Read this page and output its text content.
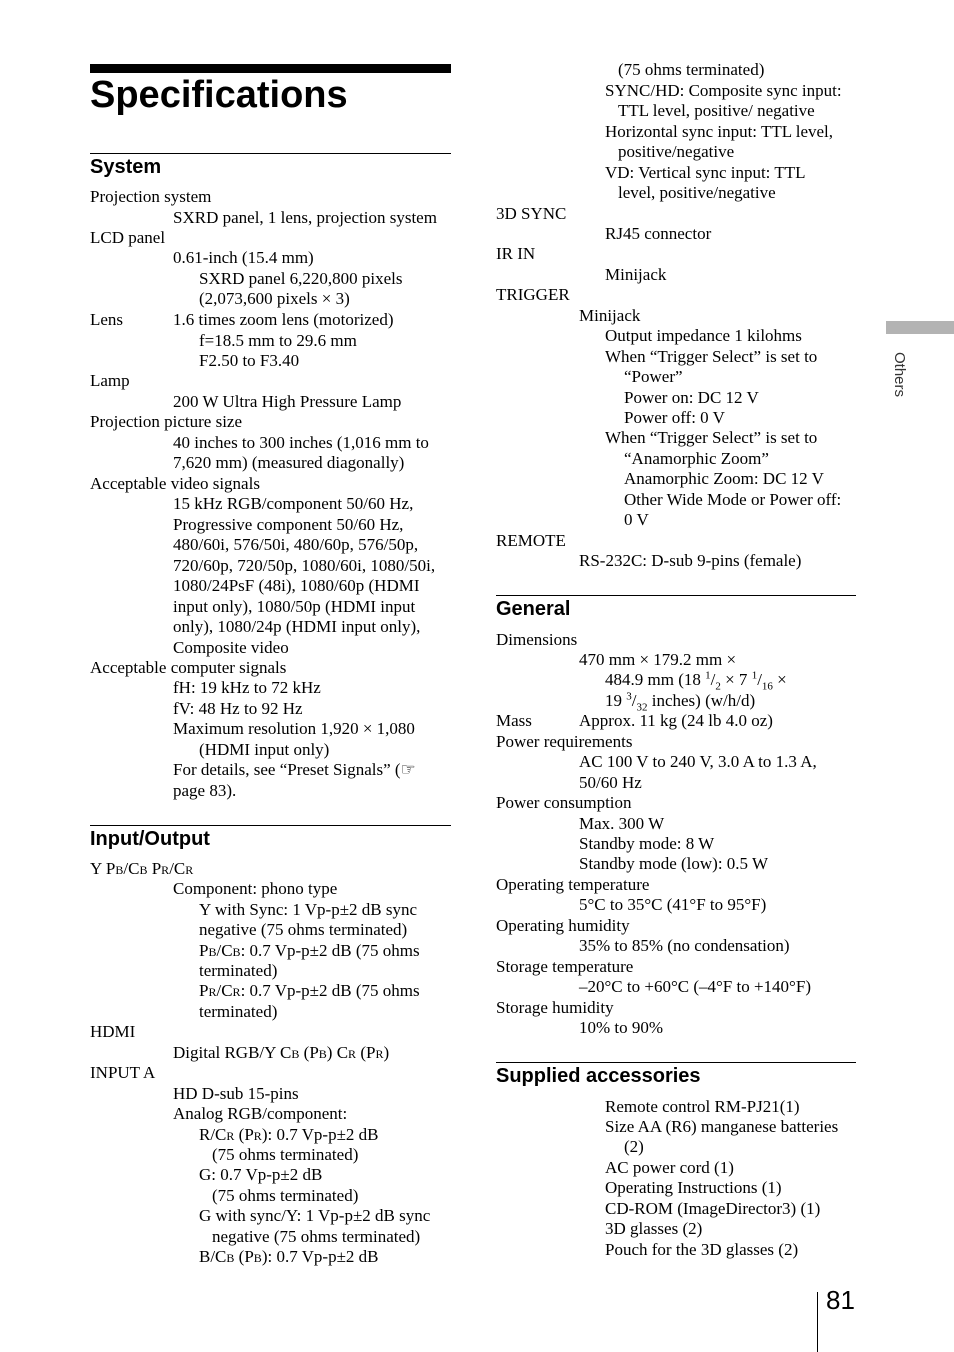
Specifications
Others
System
Projection system
SXRD panel, 1 lens, projection system
LCD panel
0.61-inch (15.4 mm)
SXRD panel 6,220,800 pixels
(2,073,600 pixels × 3)
Lens	1.6 times zoom lens (motorized)
f=18.5 mm to 29.6 mm
F2.50 to F3.40
Lamp
200 W Ultra High Pressure Lamp
Projection picture size
40 inches to 300 inches (1,016 mm to
7,620 mm) (measured diagonally)
Acceptable video signals
15 kHz RGB/component 50/60 Hz,
Progressive component 50/60 Hz,
480/60i, 576/50i, 480/60p, 576/50p,
720/60p, 720/50p, 1080/60i, 1080/50i,
1080/24PsF (48i), 1080/60p (HDMI
input only), 1080/50p (HDMI input
only), 1080/24p (HDMI input only),
Composite video
Acceptable computer signals
fH: 19 kHz to 72 kHz
fV: 48 Hz to 92 Hz
Maximum resolution 1,920 × 1,080
(HDMI input only)
For details, see “Preset Signals” (☞
page 83).
Input/Output
Y PB/CB PR/CR
Component: phono type
Y with Sync: 1 Vp-p±2 dB sync
negative (75 ohms terminated)
PB/CB: 0.7 Vp-p±2 dB (75 ohms
terminated)
PR/CR: 0.7 Vp-p±2 dB (75 ohms
terminated)
HDMI
Digital RGB/Y CB (PB) CR (PR)
INPUT A
HD D-sub 15-pins
Analog RGB/component:
R/CR (PR): 0.7 Vp-p±2 dB
(75 ohms terminated)
G: 0.7 Vp-p±2 dB
(75 ohms terminated)
G with sync/Y: 1 Vp-p±2 dB sync
negative (75 ohms terminated)
B/CB (PB): 0.7 Vp-p±2 dB
(75 ohms terminated)
SYNC/HD: Composite sync input:
TTL level, positive/ negative
Horizontal sync input: TTL level,
positive/negative
VD: Vertical sync input: TTL
level, positive/negative
3D SYNC
RJ45 connector
IR IN
Minijack
TRIGGER
Minijack
Output impedance 1 kilohms
When “Trigger Select” is set to
“Power”
Power on: DC 12 V
Power off: 0 V
When “Trigger Select” is set to
“Anamorphic Zoom”
Anamorphic Zoom: DC 12 V
Other Wide Mode or Power off:
0 V
REMOTE
RS-232C: D-sub 9-pins (female)
General
Dimensions
470 mm × 179.2 mm ×
484.9 mm (18 $^1/_2 \times 7$ $^1/_{16}$ ×
19 $^3/_{32}$ inches) (w/h/d)
Mass	Approx. 11 kg (24 lb 4.0 oz)
Power requirements
AC 100 V to 240 V, 3.0 A to 1.3 A,
50/60 Hz
Power consumption
Max. 300 W
Standby mode: 8 W
Standby mode (low): 0.5 W
Operating temperature
5°C to 35°C (41°F to 95°F)
Operating humidity
35% to 85% (no condensation)
Storage temperature
–20°C to +60°C (–4°F to +140°F)
Storage humidity
10% to 90%
Supplied accessories
Remote control RM-PJ21(1)
Size AA (R6) manganese batteries
(2)
AC power cord (1)
Operating Instructions (1)
CD-ROM (ImageDirector3) (1)
3D glasses (2)
Pouch for the 3D glasses (2)
81
